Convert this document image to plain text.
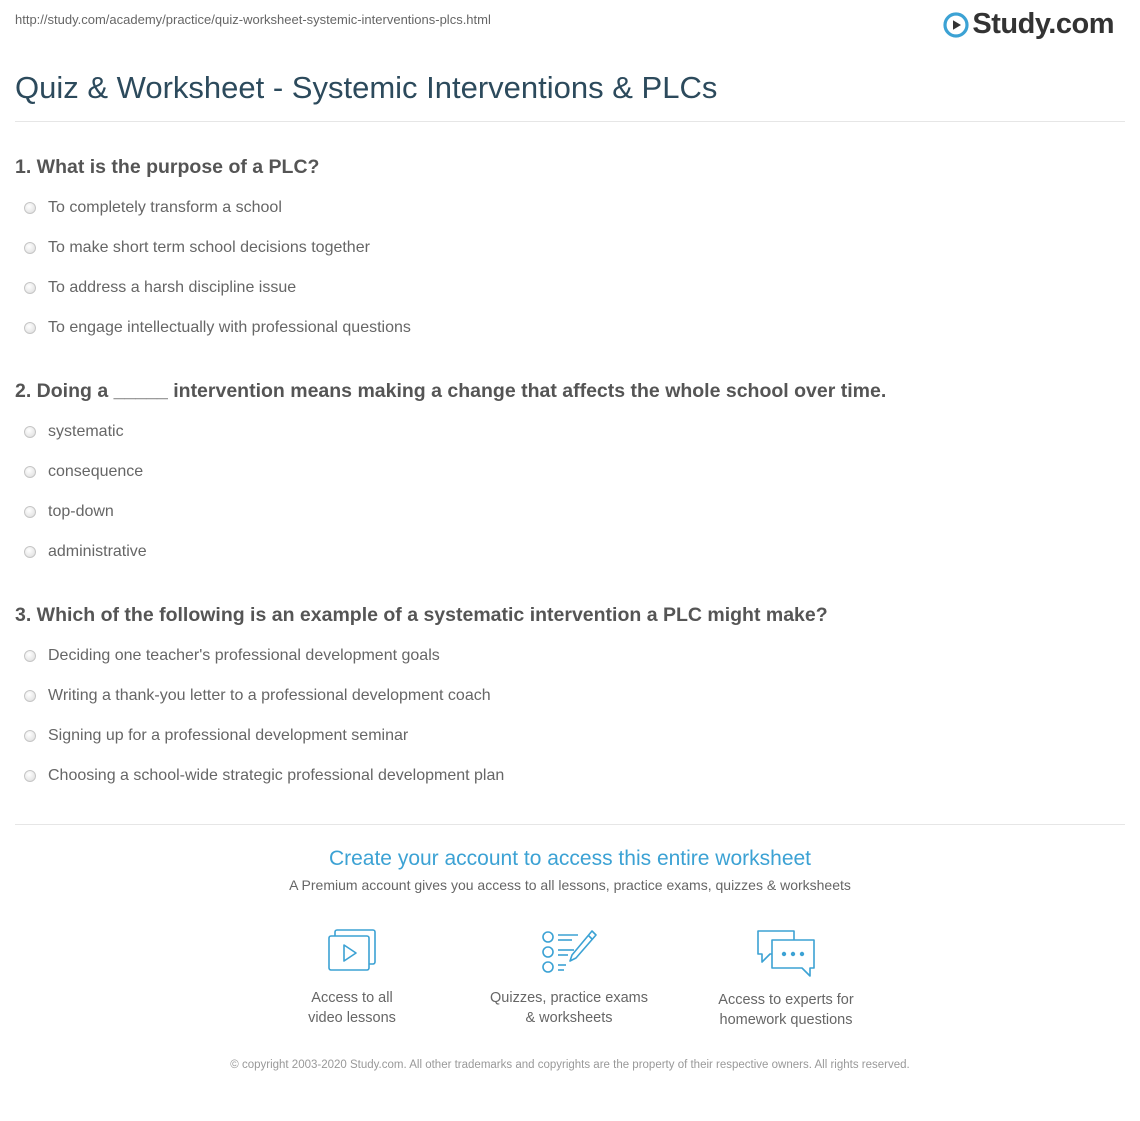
http://study.com/academy/practice/quiz-worksheet-systemic-interventions-plcs.html	Study.com
Quiz & Worksheet - Systemic Interventions & PLCs
1. What is the purpose of a PLC?
To completely transform a school
To make short term school decisions together
To address a harsh discipline issue
To engage intellectually with professional questions
2. Doing a _____ intervention means making a change that affects the whole school over time.
systematic
consequence
top-down
administrative
3. Which of the following is an example of a systematic intervention a PLC might make?
Deciding one teacher's professional development goals
Writing a thank-you letter to a professional development coach
Signing up for a professional development seminar
Choosing a school-wide strategic professional development plan
Create your account to access this entire worksheet
A Premium account gives you access to all lessons, practice exams, quizzes & worksheets
Access to all
video lessons
Quizzes, practice exams
& worksheets
Access to experts for
homework questions
© copyright 2003-2020 Study.com. All other trademarks and copyrights are the property of their respective owners. All rights reserved.
